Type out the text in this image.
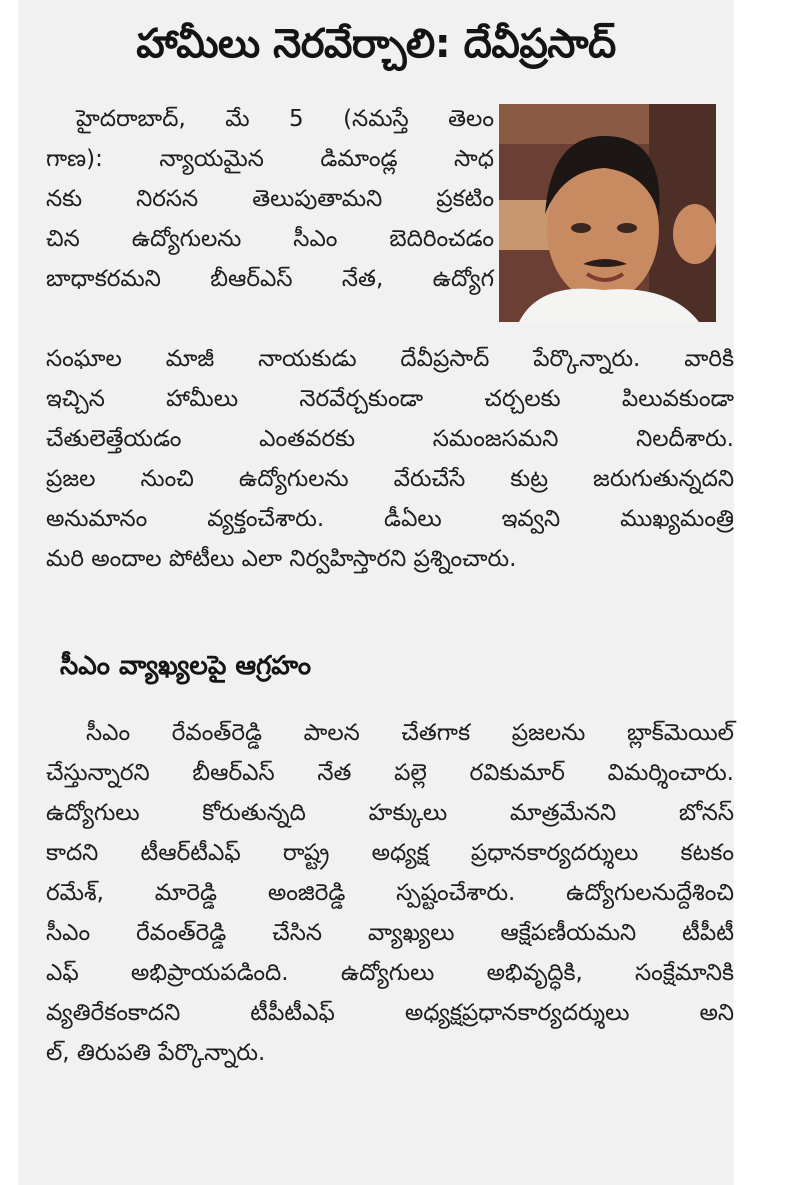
హామీలు నెరవేర్చాలి: దేవీప్రసాద్
హైదరాబాద్, మే 5 (నమస్తే తెలం
గాణ): న్యాయమైన డిమాండ్ల సాధ
నకు నిరసన తెలుపుతామని ప్రకటిం
చిన ఉద్యోగులను సీఎం బెదిరించడం
బాధాకరమని బీఆర్ఎస్ నేత, ఉద్యోగ
సంఘాల మాజీ నాయకుడు దేవీప్రసాద్ పేర్కొన్నారు. వారికి
ఇచ్చిన హామీలు నెరవేర్చకుండా చర్చలకు పిలువకుండా
చేతులెత్తేయడం ఎంతవరకు సమంజసమని నిలదీశారు.
ప్రజల నుంచి ఉద్యోగులను వేరుచేసే కుట్ర జరుగుతున్నదని
అనుమానం వ్యక్తంచేశారు. డీఏలు ఇవ్వని ముఖ్యమంత్రి
మరి అందాల పోటీలు ఎలా నిర్వహిస్తారని ప్రశ్నించారు.
సీఎం వ్యాఖ్యలపై ఆగ్రహం
సీఎం రేవంత్‌రెడ్డి పాలన చేతగాక ప్రజలను బ్లాక్‌మెయిల్
చేస్తున్నారని బీఆర్ఎస్ నేత పల్లె రవికుమార్ విమర్శించారు.
ఉద్యోగులు కోరుతున్నది హక్కులు మాత్రమేనని బోనస్
కాదని టీఆర్‌టీఎఫ్ రాష్ట్ర అధ్యక్ష ప్రధానకార్యదర్శులు కటకం
రమేశ్, మారెడ్డి అంజిరెడ్డి స్పష్టంచేశారు. ఉద్యోగులనుద్దేశించి
సీఎం రేవంత్‌రెడ్డి చేసిన వ్యాఖ్యలు ఆక్షేపణీయమని టీపీటీ
ఎఫ్ అభిప్రాయపడింది. ఉద్యోగులు అభివృద్ధికి, సంక్షేమానికి
వ్యతిరేకంకాదని టీపీటీఎఫ్ అధ్యక్షప్రధానకార్యదర్శులు అని
ల్, తిరుపతి పేర్కొన్నారు.
